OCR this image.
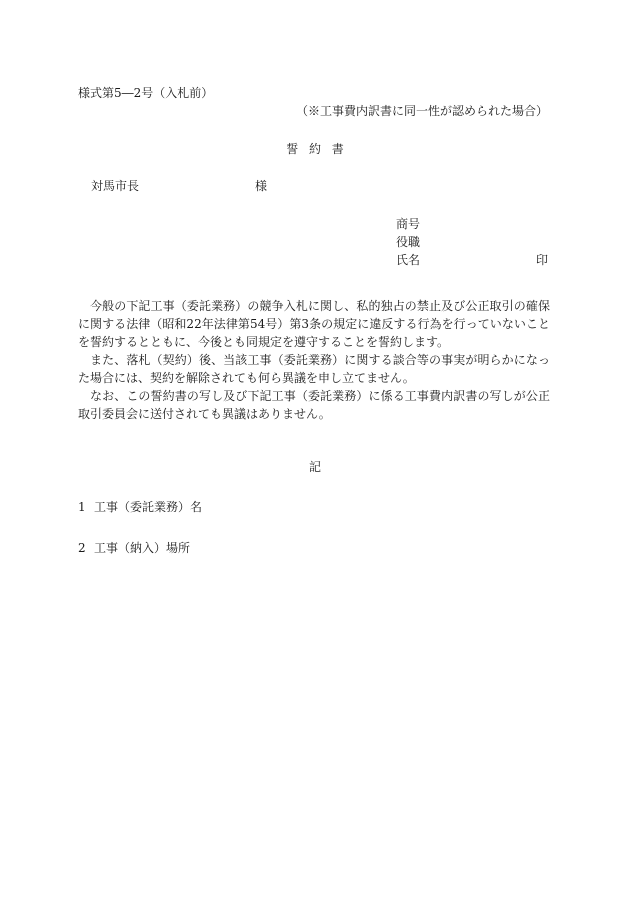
様式第5―2号（入札前）
（※工事費内訳書に同一性が認められた場合）
誓約書
対馬市長	様
商号
役職
氏名	印

今般の下記工事（委託業務）の競争入札に関し、私的独占の禁止及び公正取引の確保に関する法律（昭和22年法律第54号）第3条の規定に違反する行為を行っていないことを誓約するとともに、今後とも同規定を遵守することを誓約します。

また、落札（契約）後、当該工事（委託業務）に関する談合等の事実が明らかになった場合には、契約を解除されても何ら異議を申し立てません。

なお、この誓約書の写し及び下記工事（委託業務）に係る工事費内訳書の写しが公正取引委員会に送付されても異議はありません。

記
1 工事（委託業務）名
2 工事（納入）場所
